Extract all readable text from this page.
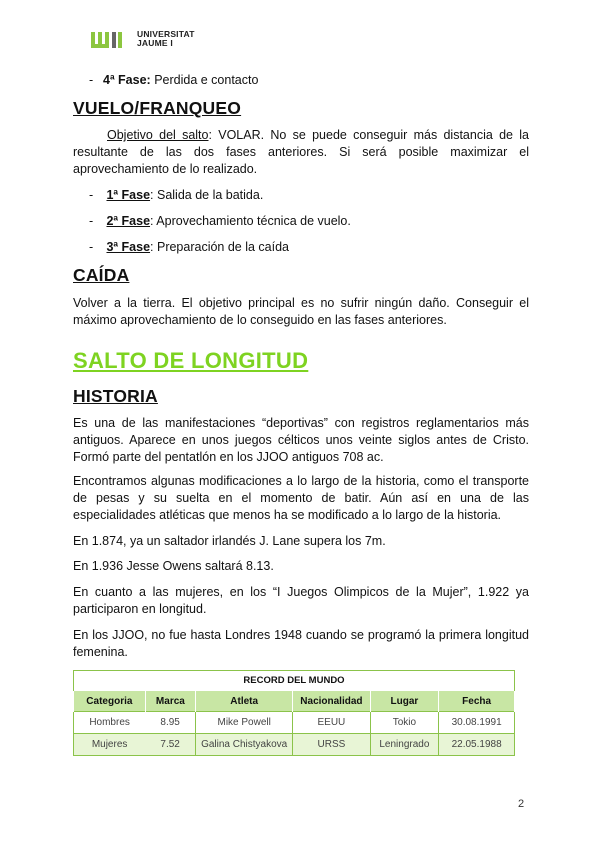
UNIVERSITAT
JAUME I
- 4ª Fase: Perdida e contacto
VUELO/FRANQUEO

Objetivo del salto: VOLAR. No se puede conseguir más distancia de la resultante de las dos fases anteriores. Si será posible maximizar el aprovechamiento de lo realizado.

- 1ª Fase: Salida de la batida.
- 2ª Fase: Aprovechamiento técnica de vuelo.
- 3ª Fase: Preparación de la caída
CAÍDA

Volver a la tierra. El objetivo principal es no sufrir ningún daño. Conseguir el máximo aprovechamiento de lo conseguido en las fases anteriores.

SALTO DE LONGITUD
HISTORIA

Es una de las manifestaciones “deportivas” con registros reglamentarios más antiguos. Aparece en unos juegos célticos unos veinte siglos antes de Cristo. Formó parte del pentatlón en los JJOO antiguos 708 ac.

Encontramos algunas modificaciones a lo largo de la historia, como el transporte de pesas y su suelta en el momento de batir. Aún así en una de las especialidades atléticas que menos ha se modificado a lo largo de la historia.

En 1.874, ya un saltador irlandés J. Lane supera los 7m.

En 1.936 Jesse Owens saltará 8.13.

En cuanto a las mujeres, en los “I Juegos Olimpicos de la Mujer”, 1.922 ya participaron en longitud.

En los JJOO, no fue hasta Londres 1948 cuando se programó la primera longitud femenina.

RECORD DEL MUNDO
Categoria	Marca	Atleta	Nacionalidad	Lugar	Fecha
Hombres	8.95	Mike Powell	EEUU	Tokio	30.08.1991
Mujeres	7.52	Galina Chistyakova	URSS	Leningrado	22.05.1988
2
